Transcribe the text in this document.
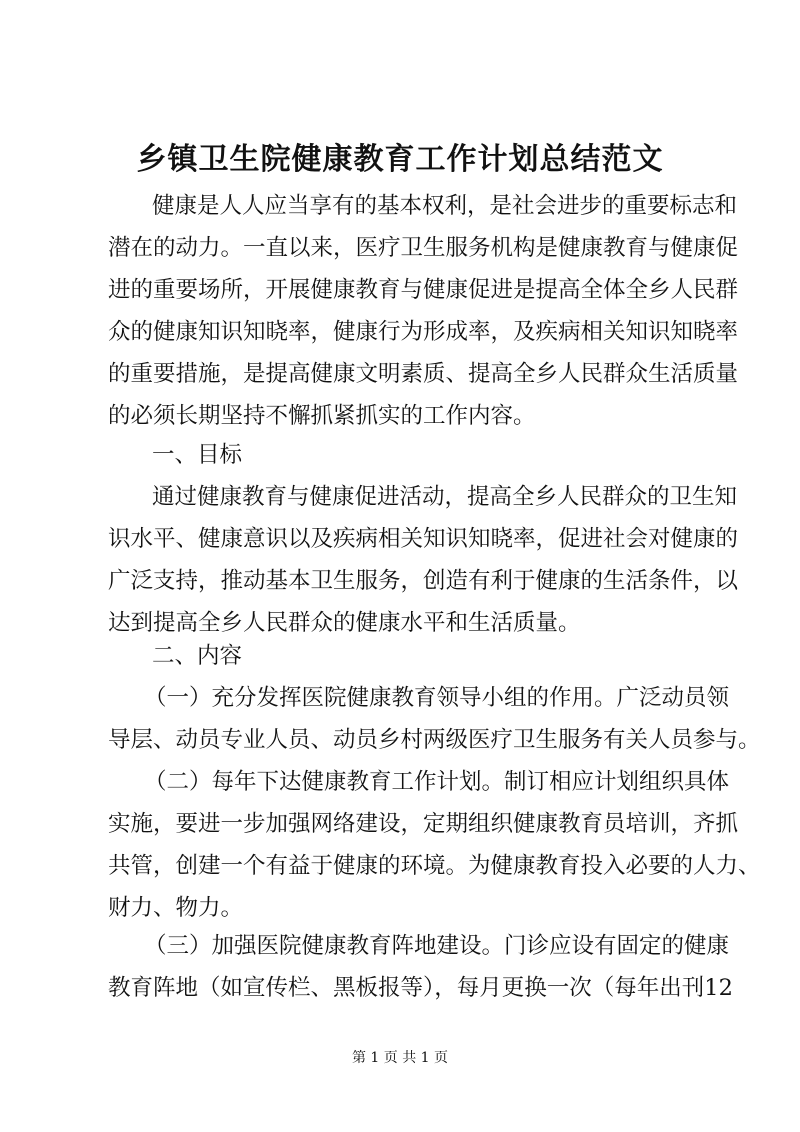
乡镇卫生院健康教育工作计划总结范文
健康是人人应当享有的基本权利，是社会进步的重要标志和
潜在的动力。一直以来，医疗卫生服务机构是健康教育与健康促
进的重要场所，开展健康教育与健康促进是提高全体全乡人民群
众的健康知识知晓率，健康行为形成率，及疾病相关知识知晓率
的重要措施，是提高健康文明素质、提高全乡人民群众生活质量
的必须长期坚持不懈抓紧抓实的工作内容。
一、目标
通过健康教育与健康促进活动，提高全乡人民群众的卫生知
识水平、健康意识以及疾病相关知识知晓率，促进社会对健康的
广泛支持，推动基本卫生服务，创造有利于健康的生活条件，以
达到提高全乡人民群众的健康水平和生活质量。
二、内容
（一）充分发挥医院健康教育领导小组的作用。广泛动员领
导层、动员专业人员、动员乡村两级医疗卫生服务有关人员参与。
（二）每年下达健康教育工作计划。制订相应计划组织具体
实施，要进一步加强网络建设，定期组织健康教育员培训，齐抓
共管，创建一个有益于健康的环境。为健康教育投入必要的人力、
财力、物力。
（三）加强医院健康教育阵地建设。门诊应设有固定的健康
教育阵地（如宣传栏、黑板报等），每月更换一次（每年出刊12
第 1 页 共 1 页
